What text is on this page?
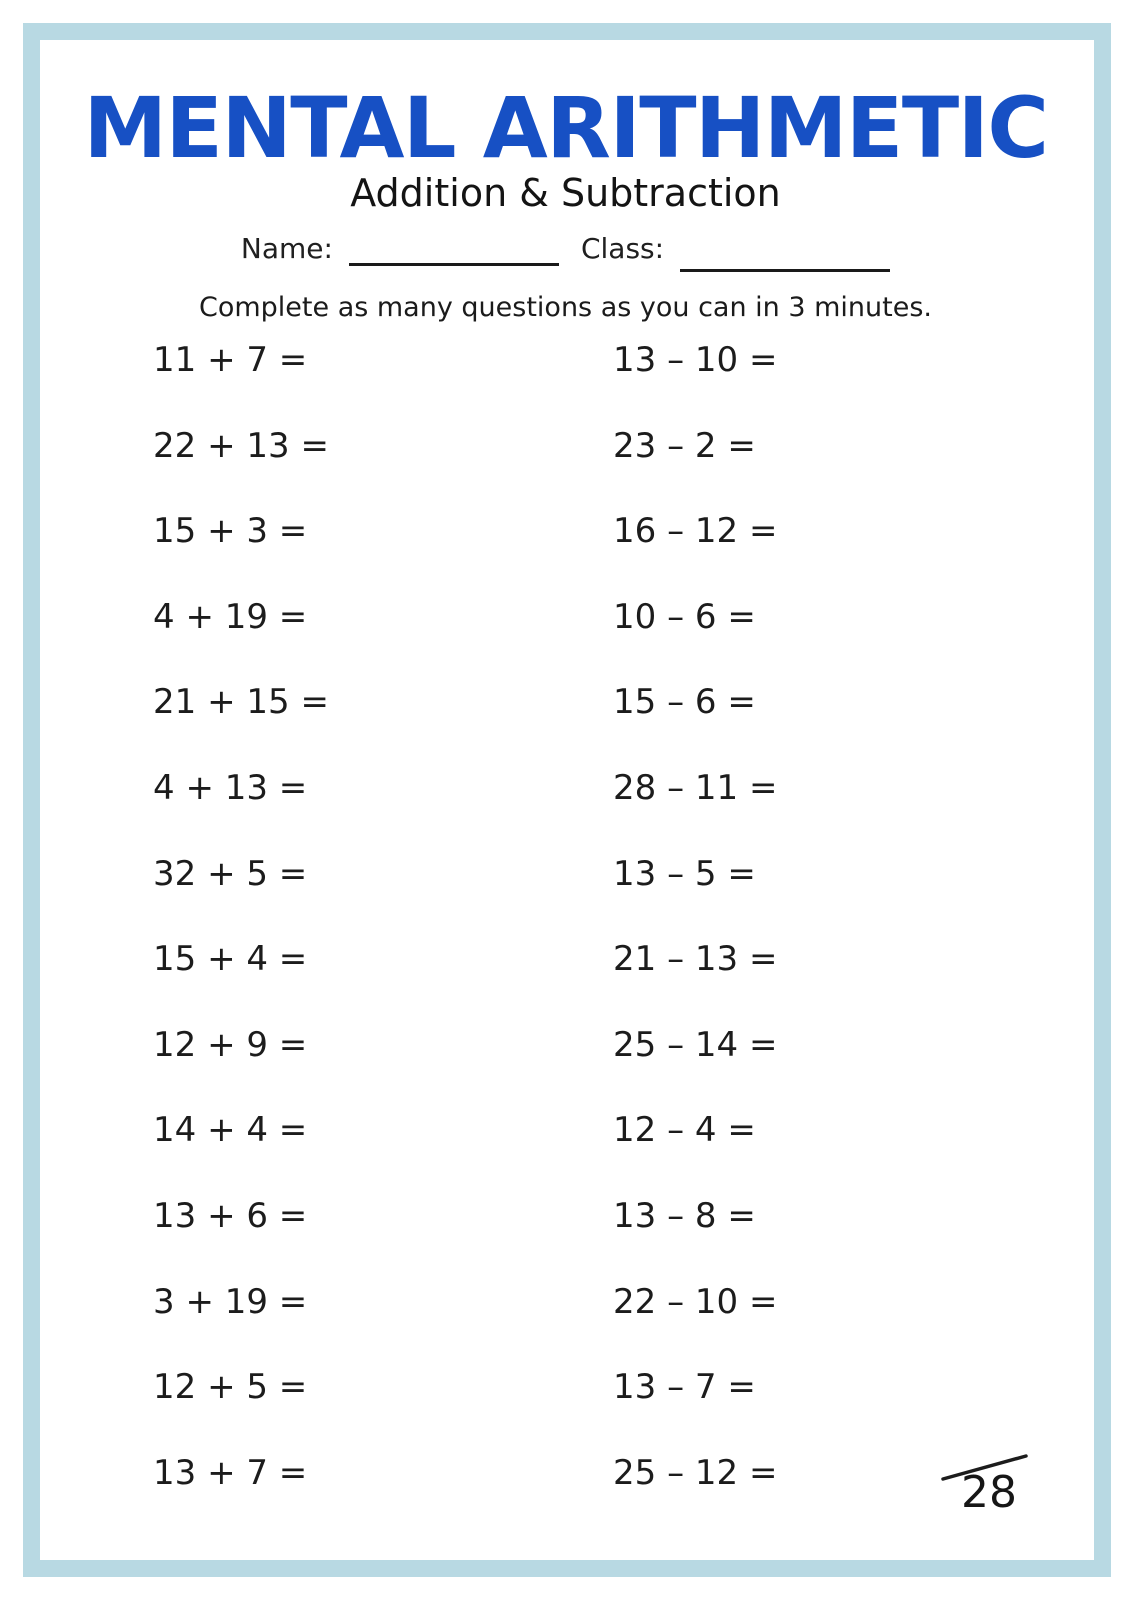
MENTAL ARITHMETIC
Addition & Subtraction
Name:	Class:
Complete as many questions as you can in 3 minutes.
11 + 7 =
22 + 13 =
15 + 3 =
4 + 19 =
21 + 15 =
4 + 13 =
32 + 5 =
15 + 4 =
12 + 9 =
14 + 4 =
13 + 6 =
3 + 19 =
12 + 5 =
13 + 7 =
13 – 10 =
23 – 2 =
16 – 12 =
10 – 6 =
15 – 6 =
28 – 11 =
13 – 5 =
21 – 13 =
25 – 14 =
12 – 4 =
13 – 8 =
22 – 10 =
13 – 7 =
25 – 12 =	28
